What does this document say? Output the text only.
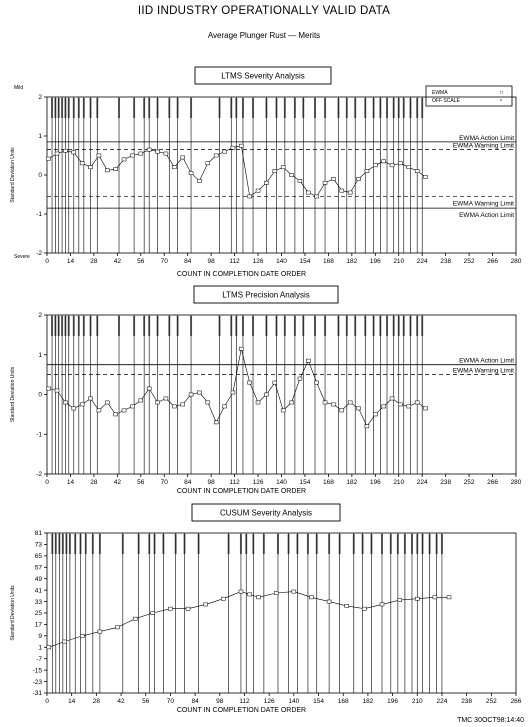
IID INDUSTRY OPERATIONALLY VALID DATA
Average Plunger Rust — Merits
EWMA	□
OFF SCALE	*
LTMS Severity Analysis
EWMA Action Limit
EWMA Warning Limit
EWMA Warning Limit
EWMA Action Limit
-2
-1
0
1
2
0	14 28 42 56 70 84 98 112 126 140 154 168 182 196 210 224 238 252 266 280
COUNT IN COMPLETION DATE ORDER
Standard Deviation Units
Mild
Severe
LTMS Precision Analysis
EWMA Action Limit
EWMA Warning Limit
-2
-1
0
1
2
0	14 28 42 56 70 84 98 112 126 140 154 168 182 196 210 224 238 252 266 280
COUNT IN COMPLETION DATE ORDER
Standard Deviation Units
CUSUM Severity Analysis
-31
-23
-15
-7
1
9
17
25
33
41
49
57
65
73
81
0	14	28	42	56	70	84	98 112 126 140 154 168 182 196 210 224 238 252 266
COUNT IN COMPLETION DATE ORDER
Standard Deviation Units
TMC 30OCT98:14:40
